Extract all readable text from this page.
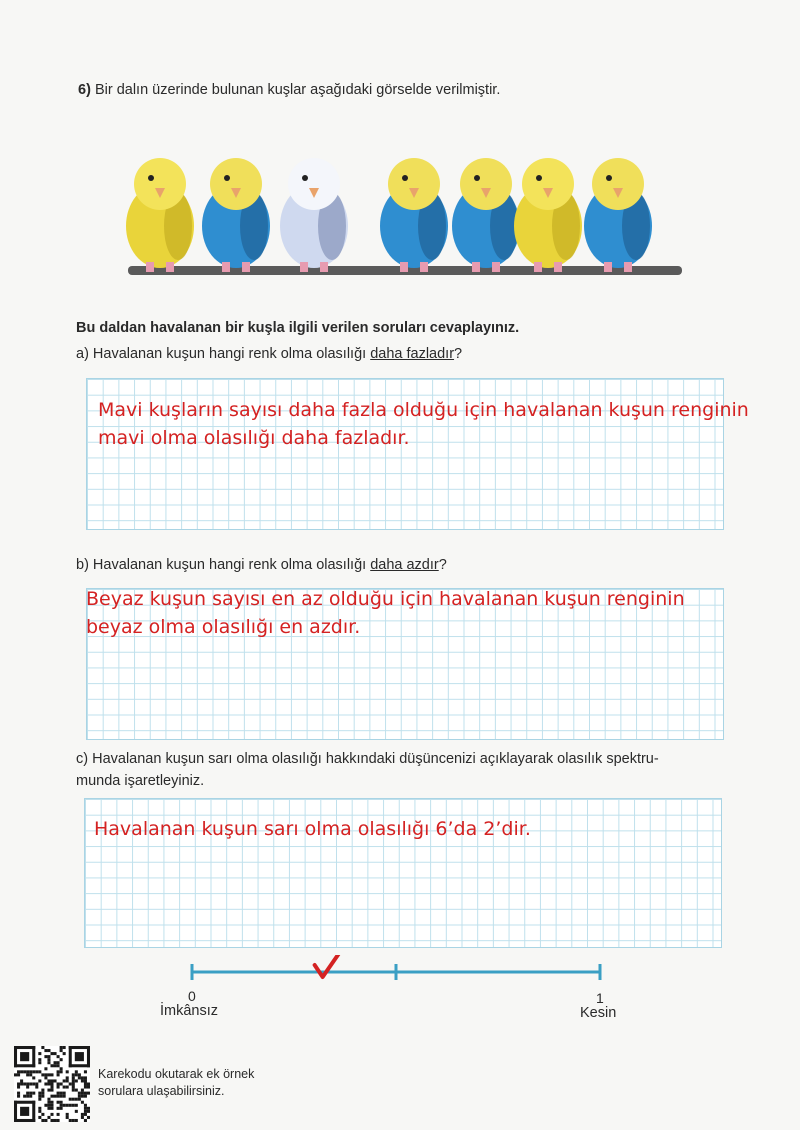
6) Bir dalın üzerinde bulunan kuşlar aşağıdaki görselde verilmiştir.
Bu daldan havalanan bir kuşla ilgili verilen soruları cevaplayınız.
a) Havalanan kuşun hangi renk olma olasılığı daha fazladır?
Mavi kuşların sayısı daha fazla olduğu için havalanan kuşun renginin
mavi olma olasılığı daha fazladır.
b) Havalanan kuşun hangi renk olma olasılığı daha azdır?
Beyaz kuşun sayısı en az olduğu için havalanan kuşun renginin
beyaz olma olasılığı en azdır.
c) Havalanan kuşun sarı olma olasılığı hakkındaki düşüncenizi açıklayarak olasılık spektru-
munda işaretleyiniz.
Havalanan kuşun sarı olma olasılığı 6’da 2’dir.
0
İmkânsız
1
Kesin
Karekodu okutarak ek örnek
sorulara ulaşabilirsiniz.
